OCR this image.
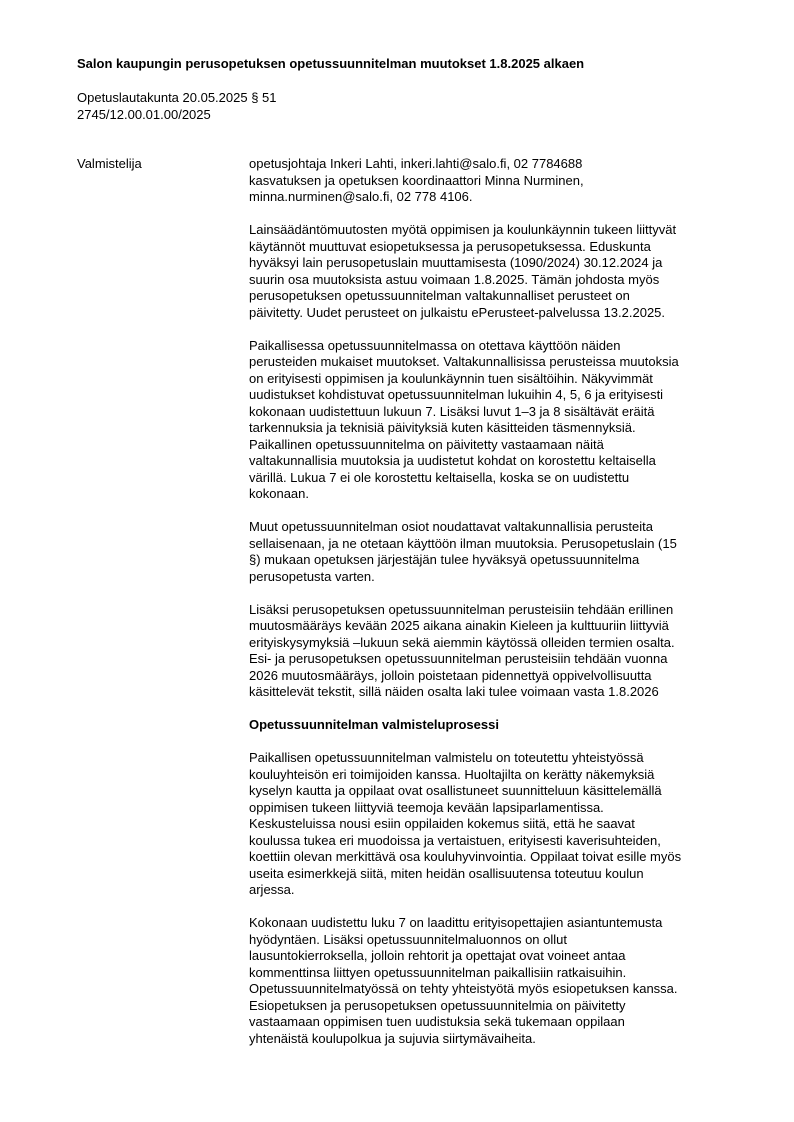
Salon kaupungin perusopetuksen opetussuunnitelman muutokset 1.8.2025 alkaen
Opetuslautakunta 20.05.2025 § 51
2745/12.00.01.00/2025
Valmistelija	opetusjohtaja Inkeri Lahti, inkeri.lahti@salo.fi, 02 7784688
kasvatuksen ja opetuksen koordinaattori Minna Nurminen,
minna.nurminen@salo.fi, 02 778 4106.
Lainsäädäntömuutosten myötä oppimisen ja koulunkäynnin tukeen liittyvät
käytännöt muuttuvat esiopetuksessa ja perusopetuksessa. Eduskunta
hyväksyi lain perusopetuslain muuttamisesta (1090/2024) 30.12.2024 ja
suurin osa muutoksista astuu voimaan 1.8.2025. Tämän johdosta myös
perusopetuksen opetussuunnitelman valtakunnalliset perusteet on
päivitetty. Uudet perusteet on julkaistu ePerusteet-palvelussa 13.2.2025.
Paikallisessa opetussuunnitelmassa on otettava käyttöön näiden
perusteiden mukaiset muutokset. Valtakunnallisissa perusteissa muutoksia
on erityisesti oppimisen ja koulunkäynnin tuen sisältöihin. Näkyvimmät
uudistukset kohdistuvat opetussuunnitelman lukuihin 4, 5, 6 ja erityisesti
kokonaan uudistettuun lukuun 7. Lisäksi luvut 1–3 ja 8 sisältävät eräitä
tarkennuksia ja teknisiä päivityksiä kuten käsitteiden täsmennyksiä.
Paikallinen opetussuunnitelma on päivitetty vastaamaan näitä
valtakunnallisia muutoksia ja uudistetut kohdat on korostettu keltaisella
värillä. Lukua 7 ei ole korostettu keltaisella, koska se on uudistettu
kokonaan.
Muut opetussuunnitelman osiot noudattavat valtakunnallisia perusteita
sellaisenaan, ja ne otetaan käyttöön ilman muutoksia. Perusopetuslain (15
§) mukaan opetuksen järjestäjän tulee hyväksyä opetussuunnitelma
perusopetusta varten.
Lisäksi perusopetuksen opetussuunnitelman perusteisiin tehdään erillinen
muutosmääräys kevään 2025 aikana ainakin Kieleen ja kulttuuriin liittyviä
erityiskysymyksiä –lukuun sekä aiemmin käytössä olleiden termien osalta.
Esi- ja perusopetuksen opetussuunnitelman perusteisiin tehdään vuonna
2026 muutosmääräys, jolloin poistetaan pidennettyä oppivelvollisuutta
käsittelevät tekstit, sillä näiden osalta laki tulee voimaan vasta 1.8.2026
Opetussuunnitelman valmisteluprosessi
Paikallisen opetussuunnitelman valmistelu on toteutettu yhteistyössä
kouluyhteisön eri toimijoiden kanssa. Huoltajilta on kerätty näkemyksiä
kyselyn kautta ja oppilaat ovat osallistuneet suunnitteluun käsittelemällä
oppimisen tukeen liittyviä teemoja kevään lapsiparlamentissa.
Keskusteluissa nousi esiin oppilaiden kokemus siitä, että he saavat
koulussa tukea eri muodoissa ja vertaistuen, erityisesti kaverisuhteiden,
koettiin olevan merkittävä osa kouluhyvinvointia. Oppilaat toivat esille myös
useita esimerkkejä siitä, miten heidän osallisuutensa toteutuu koulun
arjessa.
Kokonaan uudistettu luku 7 on laadittu erityisopettajien asiantuntemusta
hyödyntäen. Lisäksi opetussuunnitelmaluonnos on ollut
lausuntokierroksella, jolloin rehtorit ja opettajat ovat voineet antaa
kommenttinsa liittyen opetussuunnitelman paikallisiin ratkaisuihin.
Opetussuunnitelmatyössä on tehty yhteistyötä myös esiopetuksen kanssa.
Esiopetuksen ja perusopetuksen opetussuunnitelmia on päivitetty
vastaamaan oppimisen tuen uudistuksia sekä tukemaan oppilaan
yhtenäistä koulupolkua ja sujuvia siirtymävaiheita.
